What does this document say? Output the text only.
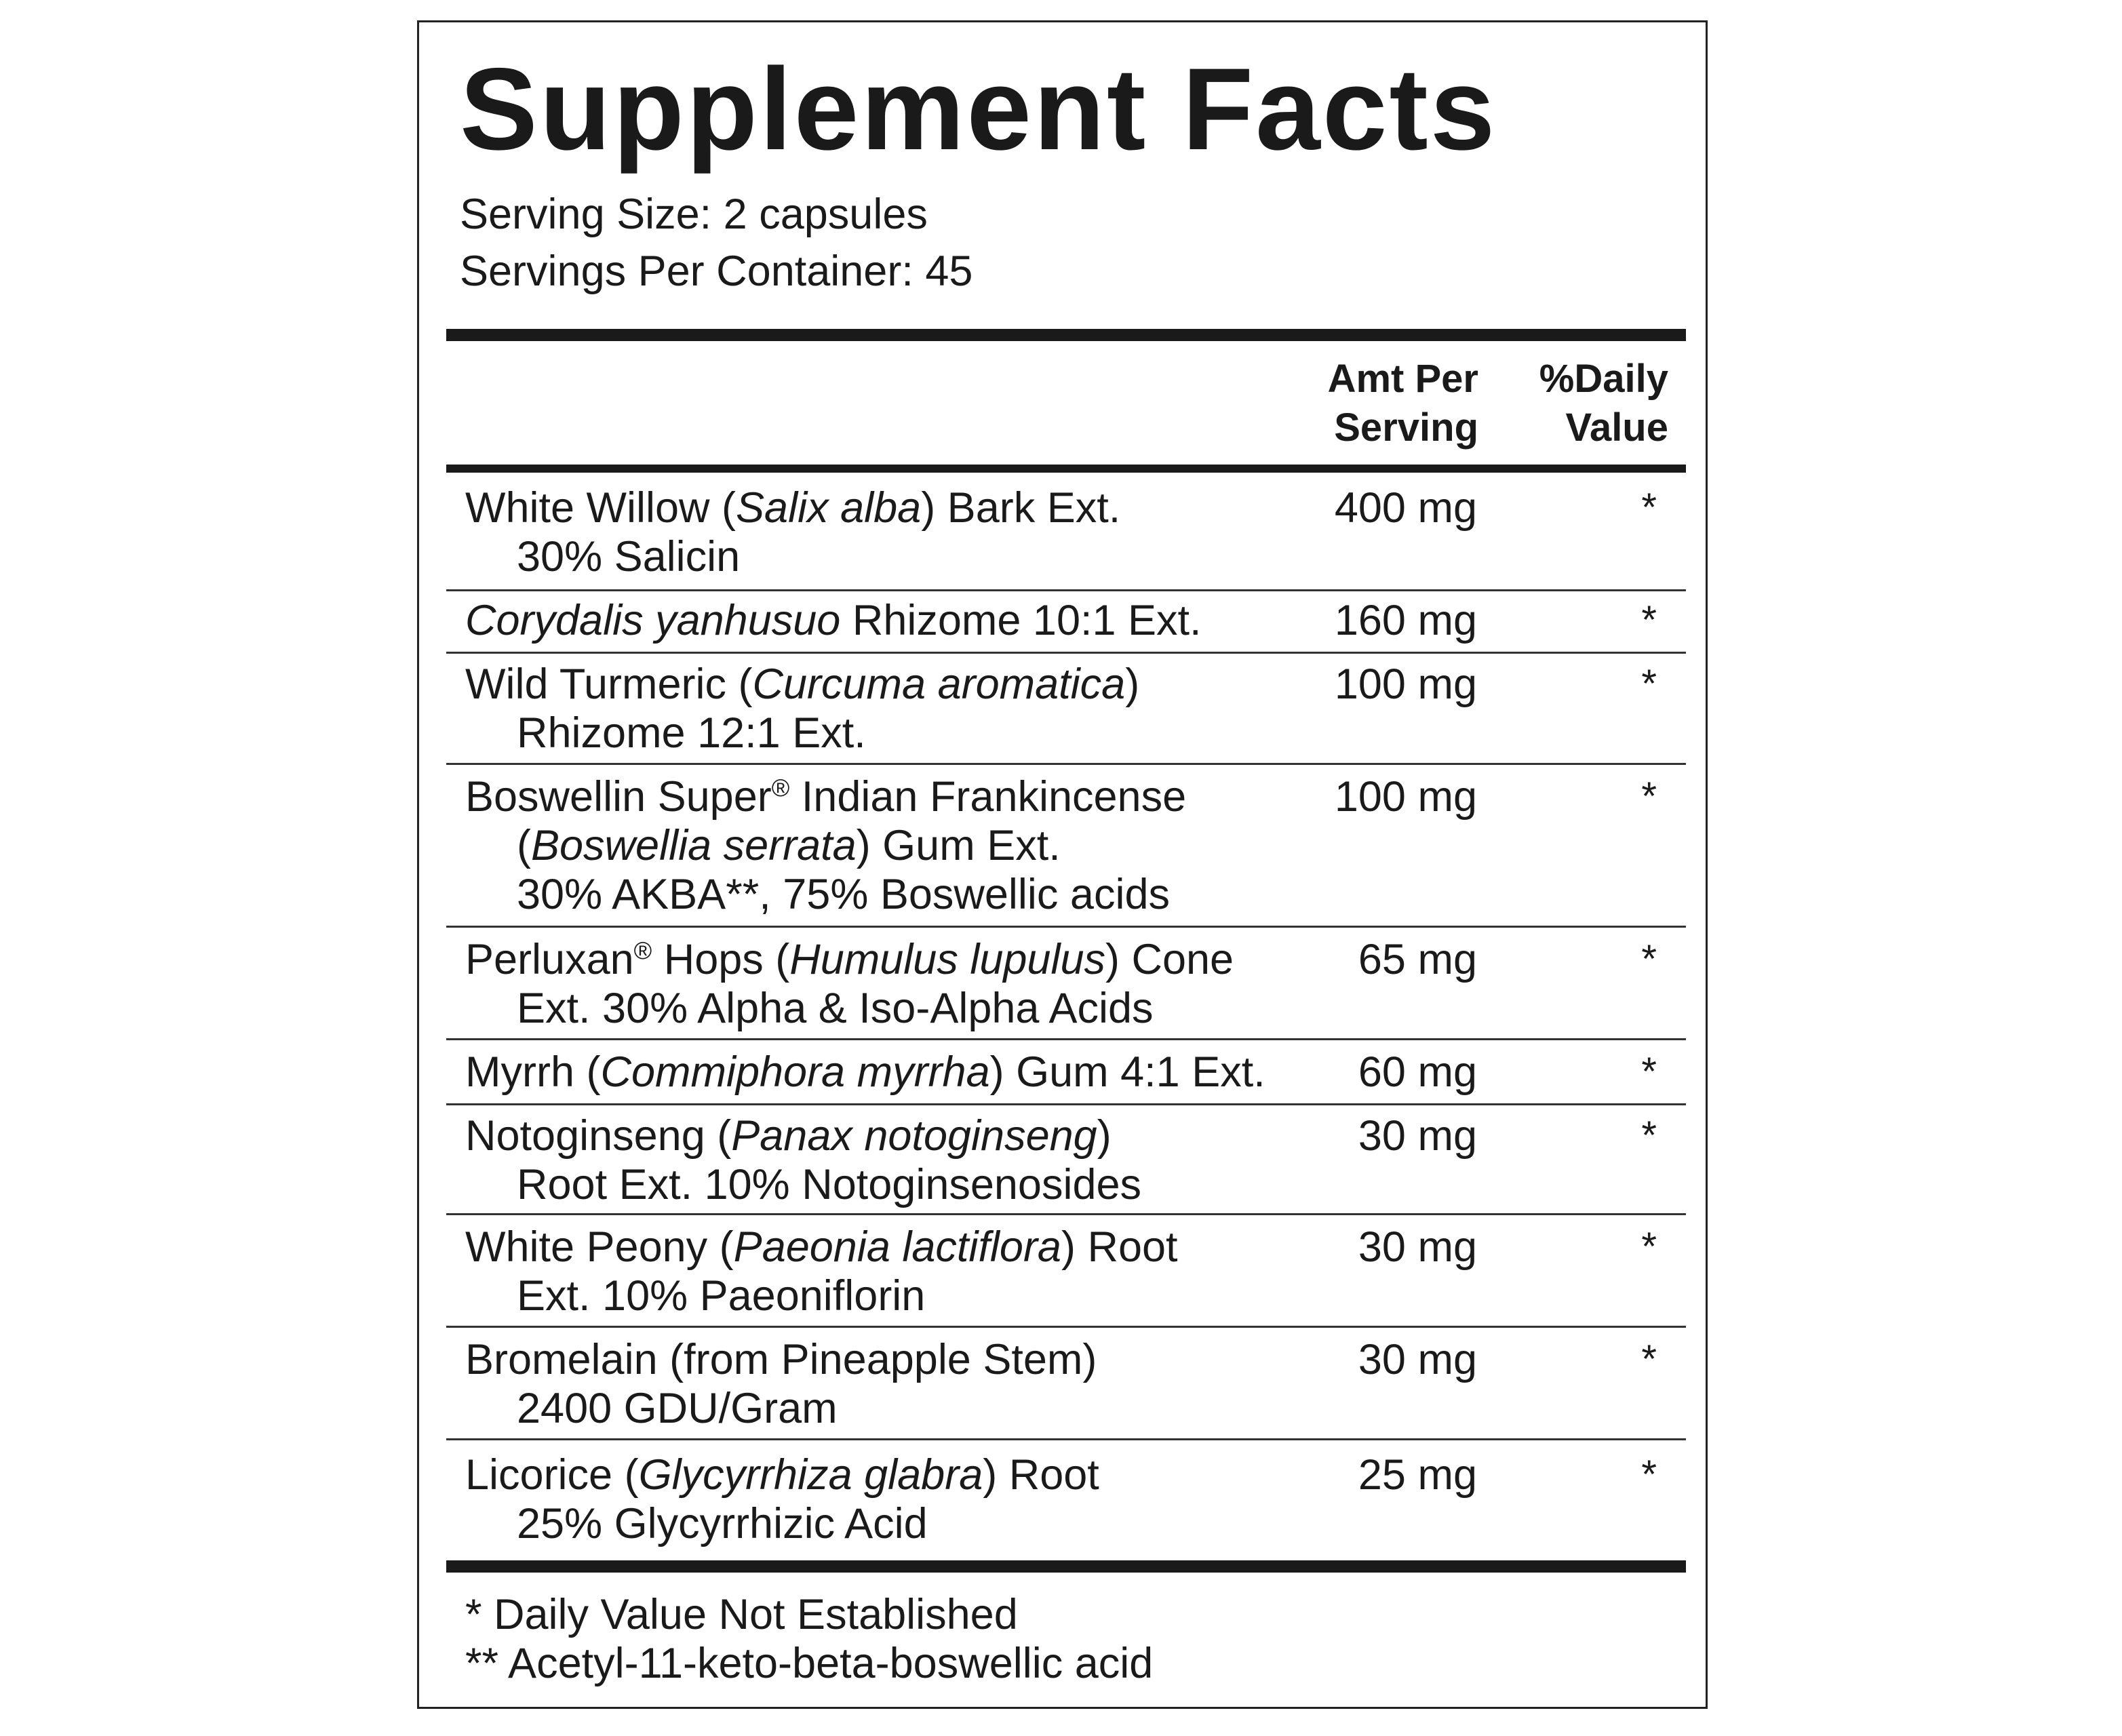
Supplement Facts
Serving Size: 2 capsules
Servings Per Container: 45
Amt Per
Serving
%Daily
Value
White Willow (Salix alba) Bark Ext.
30% Salicin
400 mg	*
Corydalis yanhusuo Rhizome 10:1 Ext.	160 mg	*
Wild Turmeric (Curcuma aromatica)
Rhizome 12:1 Ext.
100 mg	*
Boswellin Super® Indian Frankincense
(Boswellia serrata) Gum Ext.
30% AKBA**, 75% Boswellic acids
100 mg	*
Perluxan® Hops (Humulus lupulus) Cone
Ext. 30% Alpha & Iso-Alpha Acids
65 mg	*
Myrrh (Commiphora myrrha) Gum 4:1 Ext. 60 mg	*
Notoginseng (Panax notoginseng)
Root Ext. 10% Notoginsenosides
30 mg	*
White Peony (Paeonia lactiflora) Root
Ext. 10% Paeoniflorin
30 mg	*
Bromelain (from Pineapple Stem)
2400 GDU/Gram
30 mg	*
Licorice (Glycyrrhiza glabra) Root
25% Glycyrrhizic Acid
25 mg	*
* Daily Value Not Established
** Acetyl-11-keto-beta-boswellic acid
